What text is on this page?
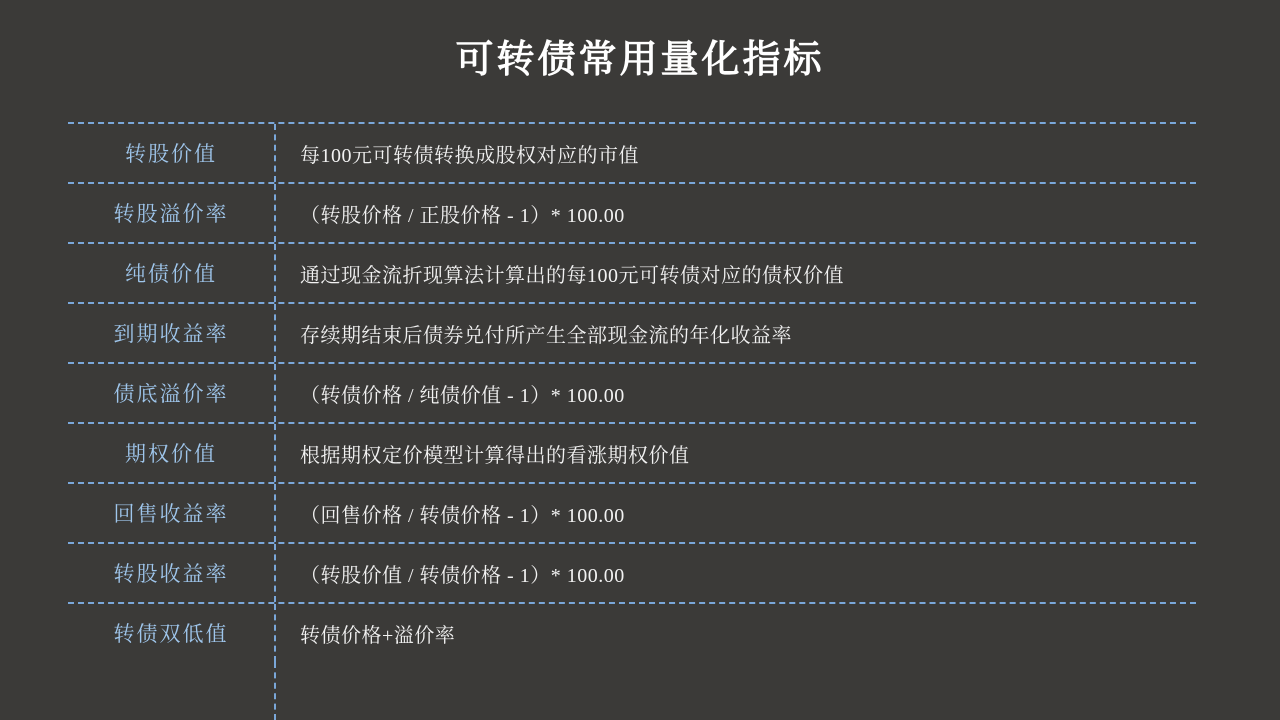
可转债常用量化指标
转股价值	每100元可转债转换成股权对应的市值
转股溢价率	（转股价格 / 正股价格 - 1）* 100.00
纯债价值	通过现金流折现算法计算出的每100元可转债对应的债权价值
到期收益率	存续期结束后债券兑付所产生全部现金流的年化收益率
债底溢价率	（转债价格 / 纯债价值 - 1）* 100.00
期权价值	根据期权定价模型计算得出的看涨期权价值
回售收益率	（回售价格 / 转债价格 - 1）* 100.00
转股收益率	（转股价值 / 转债价格 - 1）* 100.00
转债双低值	转债价格+溢价率
